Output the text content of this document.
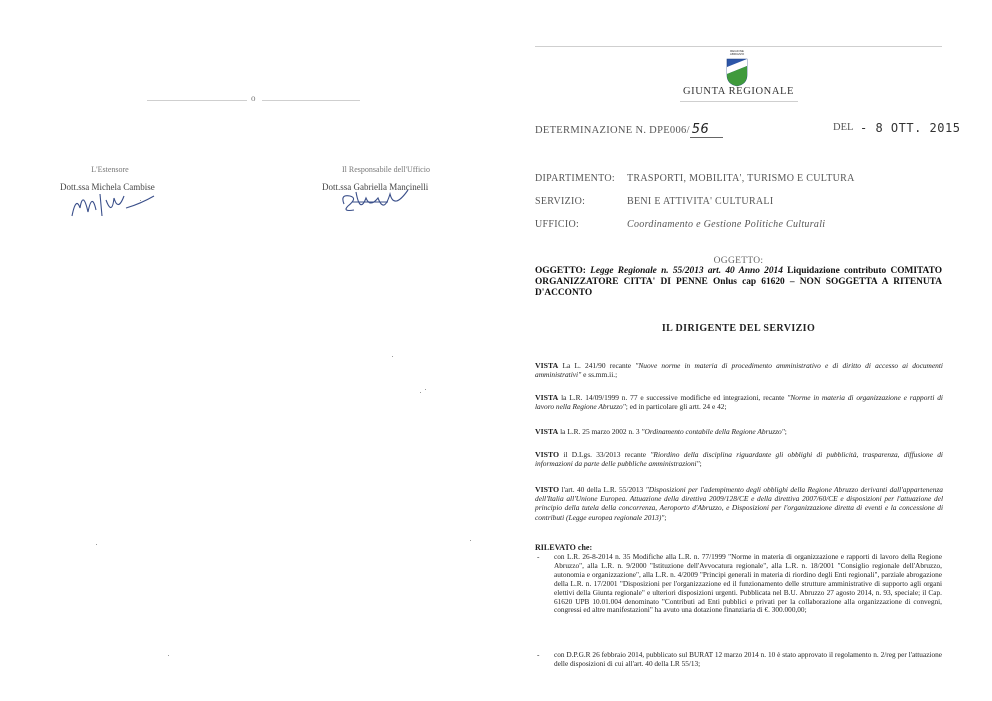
o
L'Estensore
Dott.ssa Michela Cambise
Il Responsabile dell'Ufficio
Dott.ssa Gabriella Mancinelli
REGIONE ABRUZZO
GIUNTA REGIONALE
DETERMINAZIONE N. DPE006/ 56	DEL - 8 OTT. 2015
DIPARTIMENTO: TRASPORTI, MOBILITA', TURISMO E CULTURA
SERVIZIO:	BENI E ATTIVITA' CULTURALI
UFFICIO:	Coordinamento e Gestione Politiche Culturali
OGGETTO:
OGGETTO: Legge Regionale n. 55/2013 art. 40 Anno 2014 Liquidazione contributo COMITATO ORGANIZZATORE CITTA' DI PENNE Onlus cap 61620 – NON SOGGETTA A RITENUTA D'ACCONTO
IL DIRIGENTE DEL SERVIZIO
VISTA La L. 241/90 recante "Nuove norme in materia di procedimento amministrativo e di diritto di accesso ai documenti amministrativi" e ss.mm.ii.;
VISTA la L.R. 14/09/1999 n. 77 e successive modifiche ed integrazioni, recante "Norme in materia di organizzazione e rapporti di lavoro nella Regione Abruzzo"; ed in particolare gli artt. 24 e 42;
VISTA la L.R. 25 marzo 2002 n. 3 "Ordinamento contabile della Regione Abruzzo";
VISTO il D.Lgs. 33/2013 recante "Riordino della disciplina riguardante gli obblighi di pubblicità, trasparenza, diffusione di informazioni da parte delle pubbliche amministrazioni";
VISTO l'art. 40 della L.R. 55/2013 "Disposizioni per l'adempimento degli obblighi della Regione Abruzzo derivanti dall'appartenenza dell'Italia all'Unione Europea. Attuazione della direttiva 2009/128/CE e della direttiva 2007/60/CE e disposizioni per l'attuazione del principio della tutela della concorrenza, Aeroporto d'Abruzzo, e Disposizioni per l'organizzazione diretta di eventi e la concessione di contributi (Legge europea regionale 2013)";
RILEVATO che:
- con L.R. 26-8-2014 n. 35 Modifiche alla L.R. n. 77/1999 "Norme in materia di organizzazione e rapporti di lavoro della Regione Abruzzo", alla L.R. n. 9/2000 "Istituzione dell'Avvocatura regionale", alla L.R. n. 18/2001 "Consiglio regionale dell'Abruzzo, autonomia e organizzazione", alla L.R. n. 4/2009 "Principi generali in materia di riordino degli Enti regionali", parziale abrogazione della L.R. n. 17/2001 "Disposizioni per l'organizzazione ed il funzionamento delle strutture amministrative di supporto agli organi elettivi della Giunta regionale" e ulteriori disposizioni urgenti. Pubblicata nel B.U. Abruzzo 27 agosto 2014, n. 93, speciale; il Cap. 61620 UPB 10.01.004 denominato "Contributi ad Enti pubblici e privati per la collaborazione alla organizzazione di convegni, congressi ed altre manifestazioni" ha avuto una dotazione finanziaria di €. 300.000,00;
- con D.P.G.R 26 febbraio 2014, pubblicato sul BURAT 12 marzo 2014 n. 10 è stato approvato il regolamento n. 2/reg per l'attuazione delle disposizioni di cui all'art. 40 della LR 55/13;
